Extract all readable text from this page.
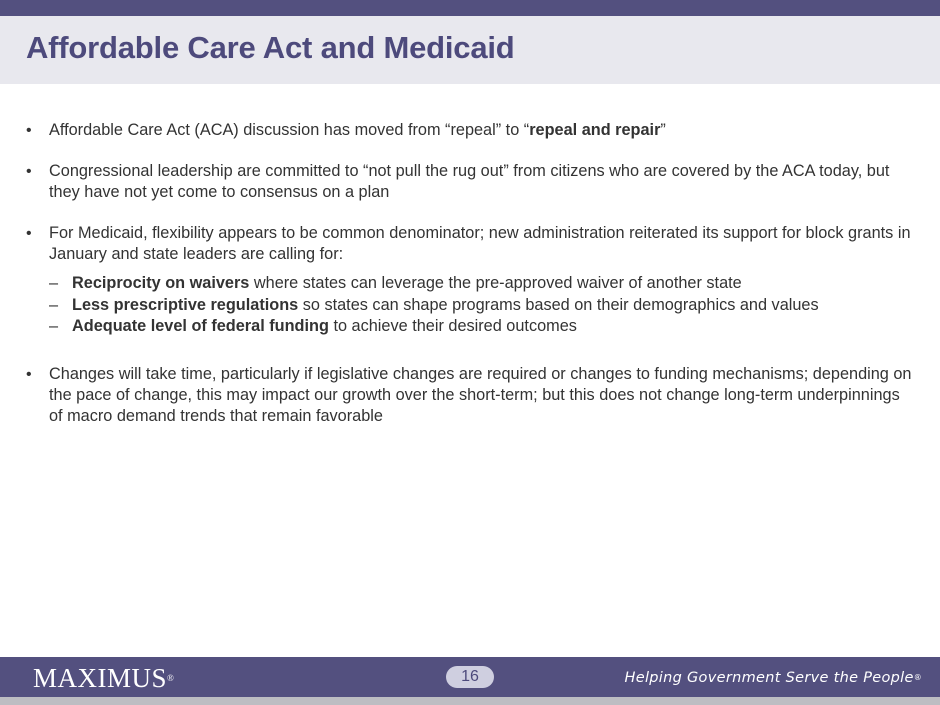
Affordable Care Act and Medicaid
• Affordable Care Act (ACA) discussion has moved from “repeal” to “repeal and repair”
• Congressional leadership are committed to “not pull the rug out” from citizens who are covered by the ACA today, but they have not yet come to consensus on a plan
• For Medicaid, flexibility appears to be common denominator; new administration reiterated its support for block grants in January and state leaders are calling for:
– Reciprocity on waivers where states can leverage the pre-approved waiver of another state
– Less prescriptive regulations so states can shape programs based on their demographics and values
– Adequate level of federal funding to achieve their desired outcomes
• Changes will take time, particularly if legislative changes are required or changes to funding mechanisms; depending on the pace of change, this may impact our growth over the short-term; but this does not change long-term underpinnings of macro demand trends that remain favorable
MAXIMUS®	16	Helping Government Serve the People®
